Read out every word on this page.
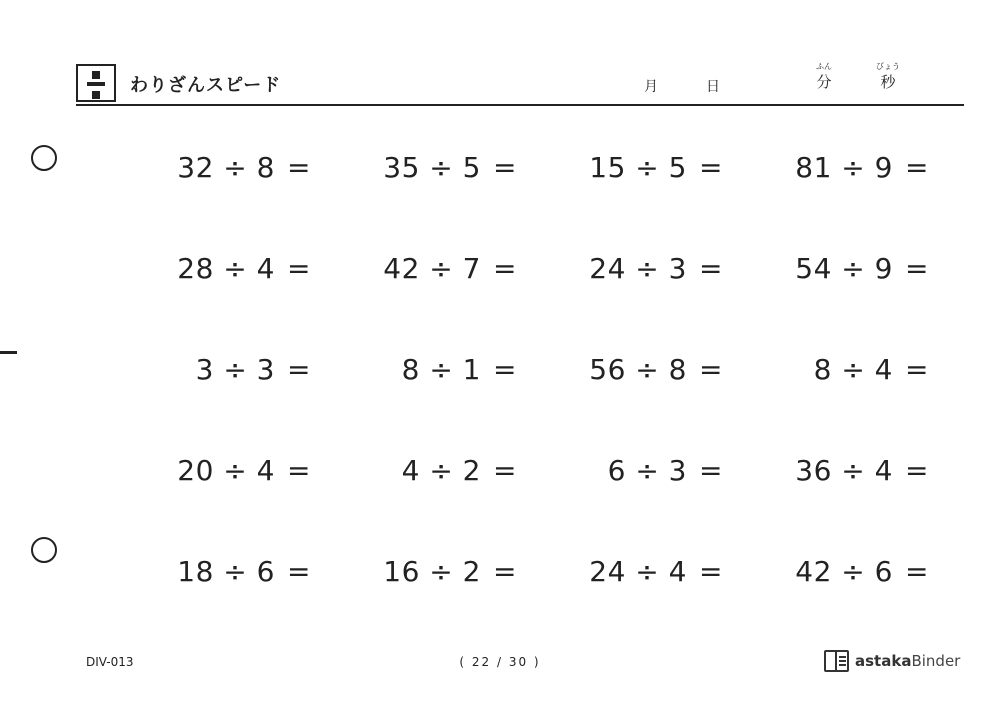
わりざんスピード	月	日
ふん
分
びょう
秒
32 ÷ 8 =	35 ÷ 5 =	15 ÷ 5 =	81 ÷ 9 =
28 ÷ 4 =	42 ÷ 7 =	24 ÷ 3 =	54 ÷ 9 =
3 ÷ 3 =	8 ÷ 1 =	56 ÷ 8 =	8 ÷ 4 =
20 ÷ 4 =	4 ÷ 2 =	6 ÷ 3 =	36 ÷ 4 =
18 ÷ 6 =	16 ÷ 2 =	24 ÷ 4 =	42 ÷ 6 =
DIV-013	( 22 / 30 )	astaka Binder
